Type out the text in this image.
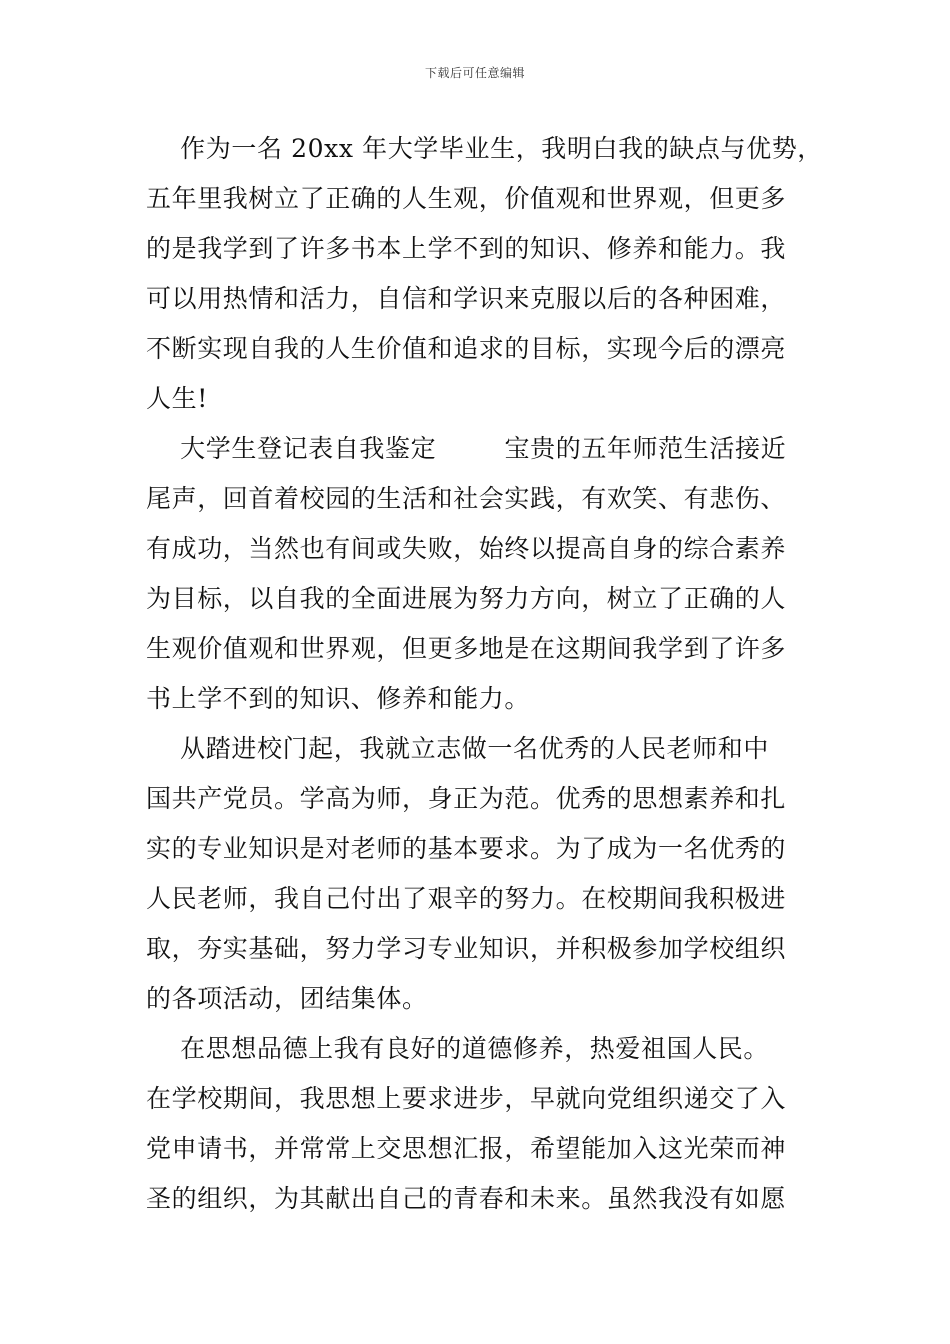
下载后可任意编辑
作为一名 20xx 年大学毕业生，我明白我的缺点与优势，
五年里我树立了正确的人生观，价值观和世界观，但更多
的是我学到了许多书本上学不到的知识、修养和能力。我
可以用热情和活力，自信和学识来克服以后的各种困难，
不断实现自我的人生价值和追求的目标，实现今后的漂亮
人生!
大学生登记表自我鉴定        宝贵的五年师范生活接近
尾声，回首着校园的生活和社会实践，有欢笑、有悲伤、
有成功，当然也有间或失败，始终以提高自身的综合素养
为目标，以自我的全面进展为努力方向，树立了正确的人
生观价值观和世界观，但更多地是在这期间我学到了许多
书上学不到的知识、修养和能力。
从踏进校门起，我就立志做一名优秀的人民老师和中
国共产党员。学高为师，身正为范。优秀的思想素养和扎
实的专业知识是对老师的基本要求。为了成为一名优秀的
人民老师，我自己付出了艰辛的努力。在校期间我积极进
取，夯实基础，努力学习专业知识，并积极参加学校组织
的各项活动，团结集体。
在思想品德上我有良好的道德修养，热爱祖国人民。
在学校期间，我思想上要求进步，早就向党组织递交了入
党申请书，并常常上交思想汇报，希望能加入这光荣而神
圣的组织，为其献出自己的青春和未来。虽然我没有如愿
